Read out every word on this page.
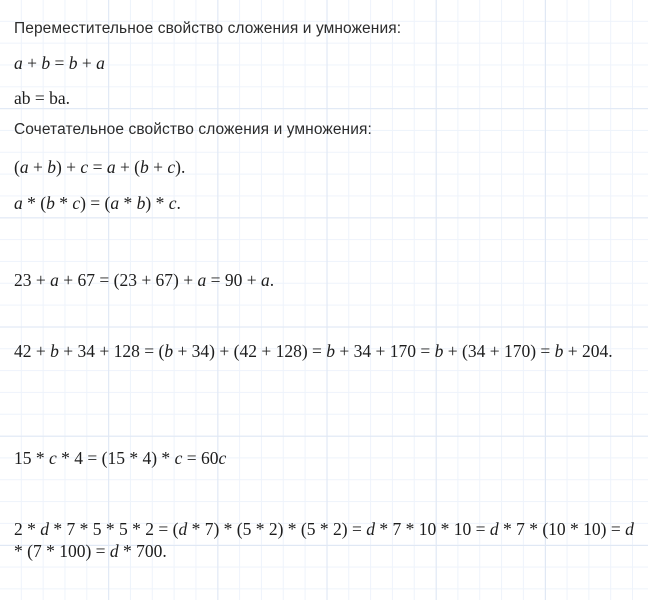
Переместительное свойство сложения и умножения:
a + b = b + a
ab = ba.
Сочетательное свойство сложения и умножения:
(a + b) + c = a + (b + c).
a * (b * c) = (a * b) * c.
23 + a + 67 = (23 + 67) + a = 90 + a.
42 + b + 34 + 128 = (b + 34) + (42 + 128) = b + 34 + 170 = b + (34 + 170) = b + 204.
15 * c * 4 = (15 * 4) * c = 60c
2 * d * 7 * 5 * 5 * 2 = (d * 7) * (5 * 2) * (5 * 2) = d * 7 * 10 * 10 = d * 7 * (10 * 10) = d * (7 * 100) = d * 700.
